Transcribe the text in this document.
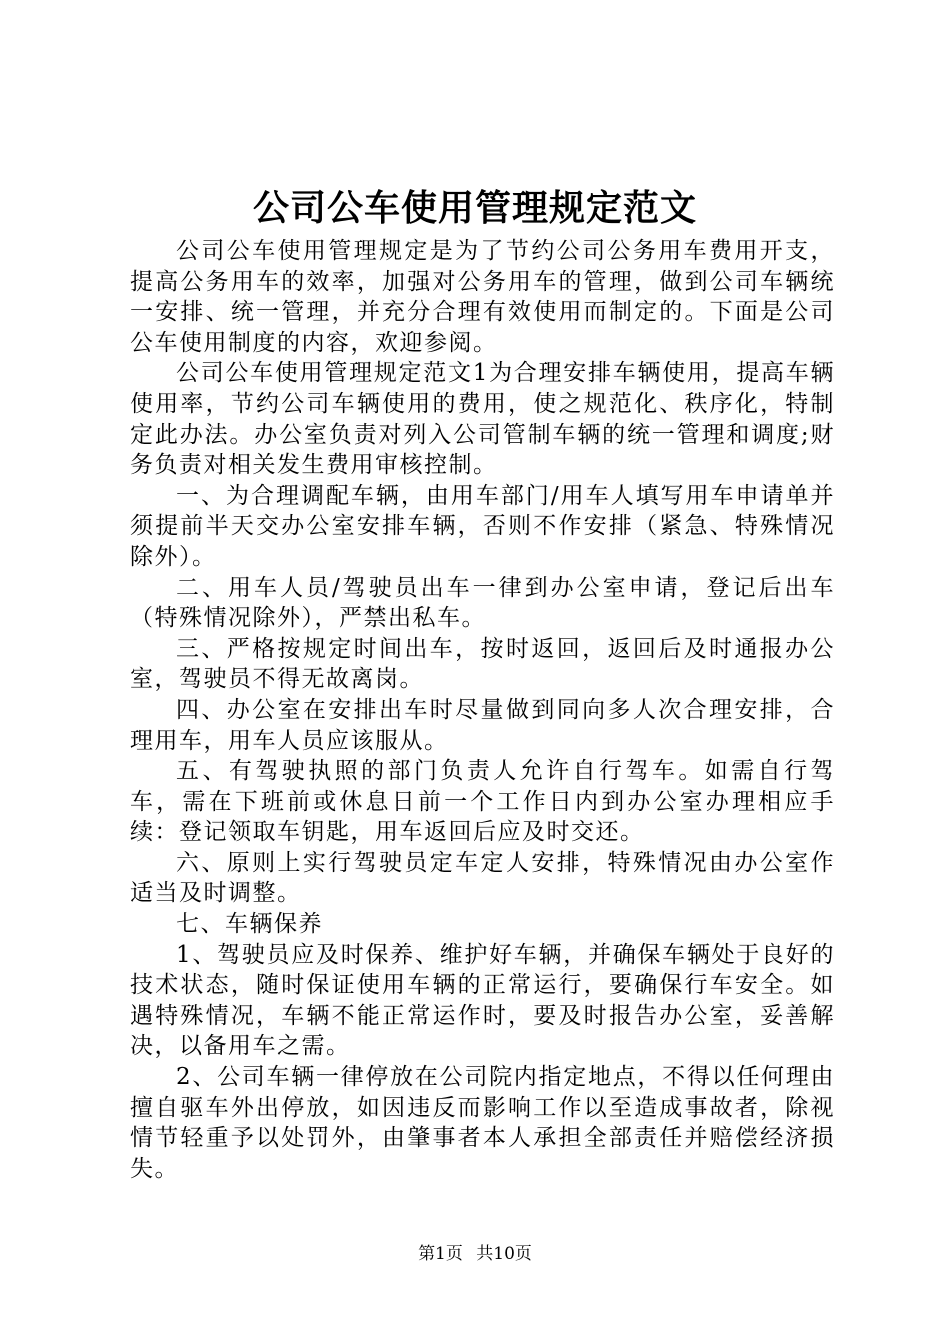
公司公车使用管理规定范文

公司公车使用管理规定是为了节约公司公务用车费用开支，提高公务用车的效率，加强对公务用车的管理，做到公司车辆统一安排、统一管理，并充分合理有效使用而制定的。下面是公司公车使用制度的内容，欢迎参阅。

公司公车使用管理规定范文1为合理安排车辆使用，提高车辆使用率，节约公司车辆使用的费用，使之规范化、秩序化，特制定此办法。办公室负责对列入公司管制车辆的统一管理和调度;财务负责对相关发生费用审核控制。

一、为合理调配车辆，由用车部门/用车人填写用车申请单并须提前半天交办公室安排车辆，否则不作安排（紧急、特殊情况除外）。

二、用车人员/驾驶员出车一律到办公室申请，登记后出车（特殊情况除外），严禁出私车。

三、严格按规定时间出车，按时返回，返回后及时通报办公室，驾驶员不得无故离岗。

四、办公室在安排出车时尽量做到同向多人次合理安排，合理用车，用车人员应该服从。

五、有驾驶执照的部门负责人允许自行驾车。如需自行驾车，需在下班前或休息日前一个工作日内到办公室办理相应手续：登记领取车钥匙，用车返回后应及时交还。

六、原则上实行驾驶员定车定人安排，特殊情况由办公室作适当及时调整。

七、车辆保养

1、驾驶员应及时保养、维护好车辆，并确保车辆处于良好的技术状态，随时保证使用车辆的正常运行，要确保行车安全。如遇特殊情况，车辆不能正常运作时，要及时报告办公室，妥善解决，以备用车之需。

2、公司车辆一律停放在公司院内指定地点，不得以任何理由擅自驱车外出停放，如因违反而影响工作以至造成事故者，除视情节轻重予以处罚外，由肇事者本人承担全部责任并赔偿经济损失。

第1页 共10页
